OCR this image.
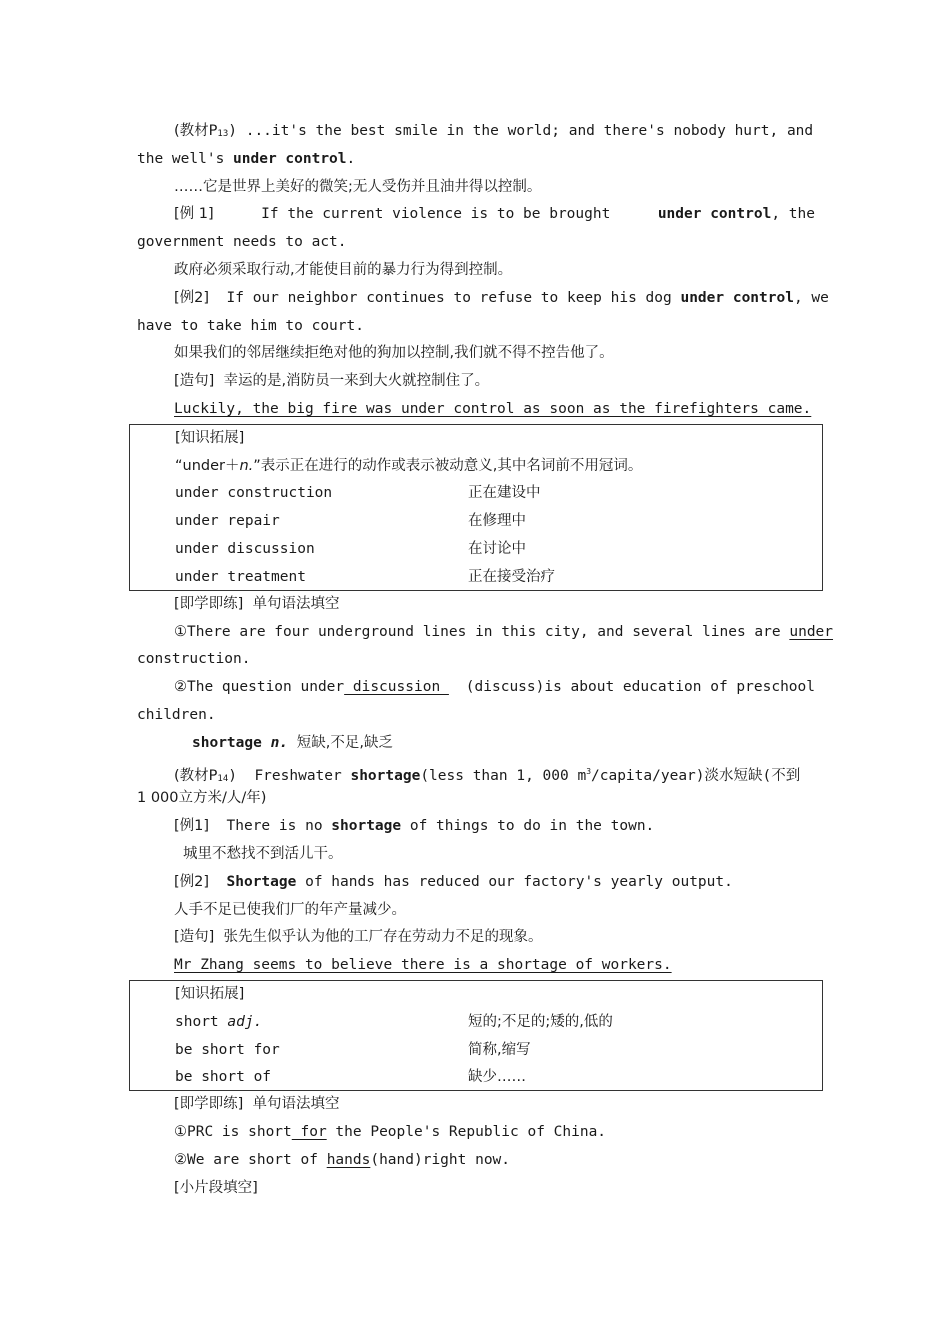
(教材$P_{13}$) ...it's the best smile in the world; and there's nobody hurt, and
the well's under control.
……它是世界上美好的微笑;无人受伤并且油井得以控制。
[例 1]	If the current violence is to be brought	under control, the
government needs to act.
政府必须采取行动,才能使目前的暴力行为得到控制。
[例2] If our neighbor continues to refuse to keep his dog under control, we
have to take him to court.
如果我们的邻居继续拒绝对他的狗加以控制,我们就不得不控告他了。
[造句] 幸运的是,消防员一来到大火就控制住了。
Luckily, the big fire was under control as soon as the firefighters came.
[知识拓展]
“under＋n.”表示正在进行的动作或表示被动意义,其中名词前不用冠词。
under construction	正在建设中
under repair	在修理中
under discussion	在讨论中
under treatment	正在接受治疗
[即学即练] 单句语法填空
①There are four underground lines in this city, and several lines are under
construction.
②The question under discussion (discuss)is about education of preschool
children.
shortage n. 短缺,不足,缺乏
(教材$P_{14}$)  Freshwater shortage(less than 1, 000 $m^3/capita/year$)淡水短缺(不到
1 000立方米/人/年)
[例1] There is no shortage of things to do in the town.
城里不愁找不到活儿干。
[例2] Shortage of hands has reduced our factory's yearly output.
人手不足已使我们厂的年产量减少。
[造句] 张先生似乎认为他的工厂存在劳动力不足的现象。
Mr Zhang seems to believe there is a shortage of workers.
[知识拓展]
short adj.	短的;不足的;矮的,低的
be short for	简称,缩写
be short of	缺少……
[即学即练] 单句语法填空
①PRC is short for the People's Republic of China.
②We are short of hands(hand)right now.
[小片段填空]
